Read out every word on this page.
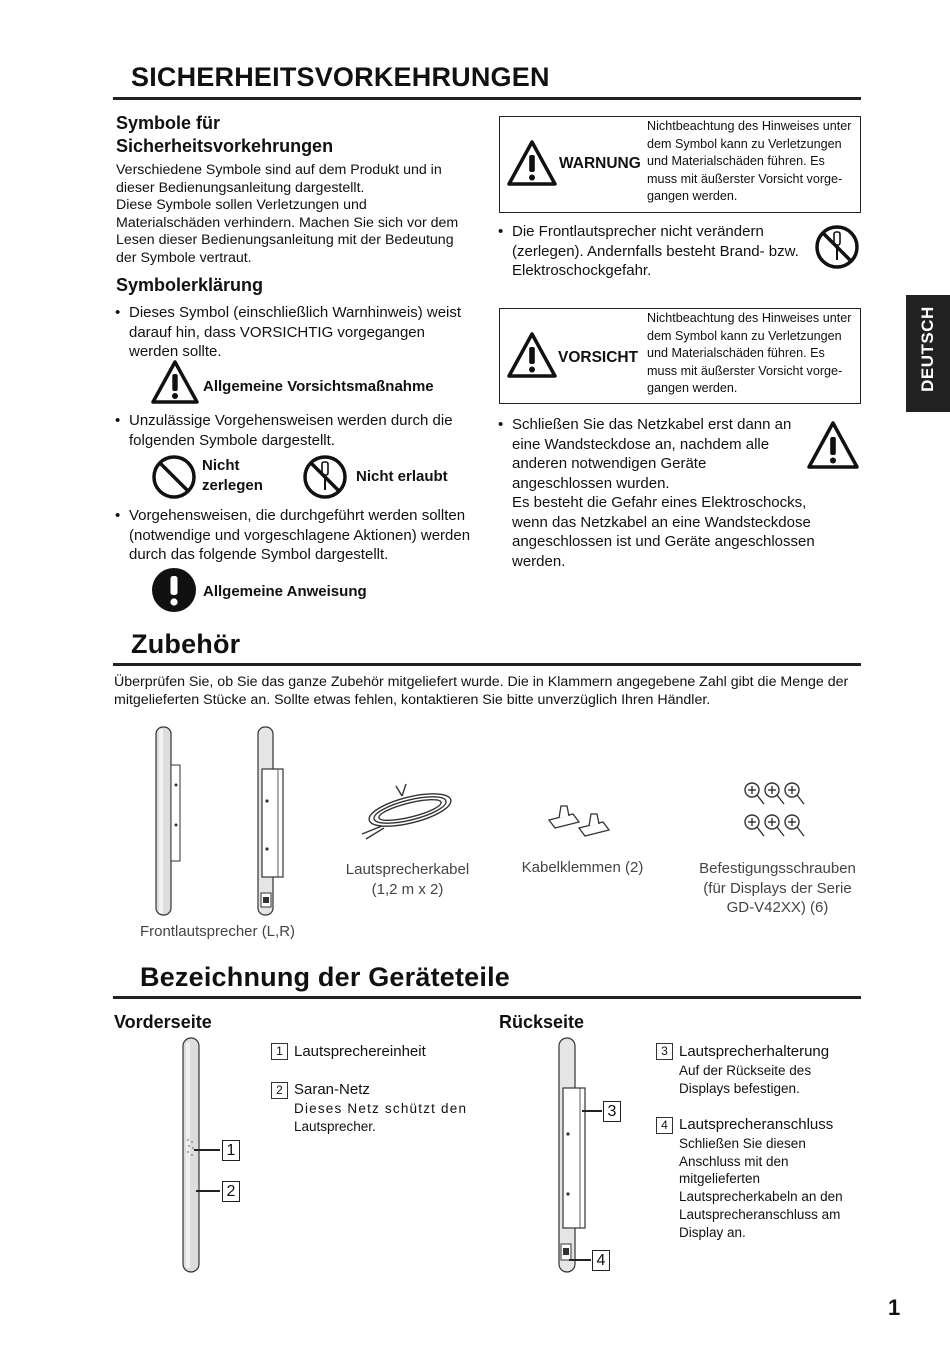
DEUTSCH
SICHERHEITSVORKEHRUNGEN
Symbole für
Sicherheitsvorkehrungen
Verschiedene Symbole sind auf dem Produkt und in
dieser Bedienungsanleitung dargestellt.
Diese Symbole sollen Verletzungen und
Materialschäden verhindern. Machen Sie sich vor dem
Lesen dieser Bedienungsanleitung mit der Bedeutung
der Symbole vertraut.
Symbolerklärung
• Dieses Symbol (einschließlich Warnhinweis) weist
darauf hin, dass VORSICHTIG vorgegangen
werden sollte.
Allgemeine Vorsichtsmaßnahme
• Unzulässige Vorgehensweisen werden durch die
folgenden Symbole dargestellt.
Nicht
zerlegen
Nicht erlaubt
• Vorgehensweisen, die durchgeführt werden sollten
(notwendige und vorgeschlagene Aktionen) werden
durch das folgende Symbol dargestellt.
Allgemeine Anweisung
WARNUNG
Nichtbeachtung des Hinweises unter
dem Symbol kann zu Verletzungen
und Materialschäden führen. Es
muss mit äußerster Vorsicht vorge-
gangen werden.
• Die Frontlautsprecher nicht verändern
(zerlegen). Andernfalls besteht Brand- bzw.
Elektroschockgefahr.
VORSICHT
Nichtbeachtung des Hinweises unter
dem Symbol kann zu Verletzungen
und Materialschäden führen. Es
muss mit äußerster Vorsicht vorge-
gangen werden.
• Schließen Sie das Netzkabel erst dann an
eine Wandsteckdose an, nachdem alle
anderen notwendigen Geräte
angeschlossen wurden.
Es besteht die Gefahr eines Elektroschocks,
wenn das Netzkabel an eine Wandsteckdose
angeschlossen ist und Geräte angeschlossen
werden.
Zubehör
Überprüfen Sie, ob Sie das ganze Zubehör mitgeliefert wurde. Die in Klammern angegebene Zahl gibt die Menge der
mitgelieferten Stücke an. Sollte etwas fehlen, kontaktieren Sie bitte unverzüglich Ihren Händler.
Frontlautsprecher (L,R)
Lautsprecherkabel
(1,2 m x 2)
Kabelklemmen (2)	Befestigungsschrauben
(für Displays der Serie
GD-V42XX) (6)
Bezeichnung der Geräteteile
Vorderseite	Rückseite
1
2
1 Lautsprechereinheit
2 Saran-Netz
Dieses Netz schützt den
Lautsprecher.
3
4
3 Lautsprecherhalterung
Auf der Rückseite des
Displays befestigen.
4 Lautsprecheranschluss
Schließen Sie diesen
Anschluss mit den
mitgelieferten
Lautsprecherkabeln an den
Lautsprecheranschluss am
Display an.
1
